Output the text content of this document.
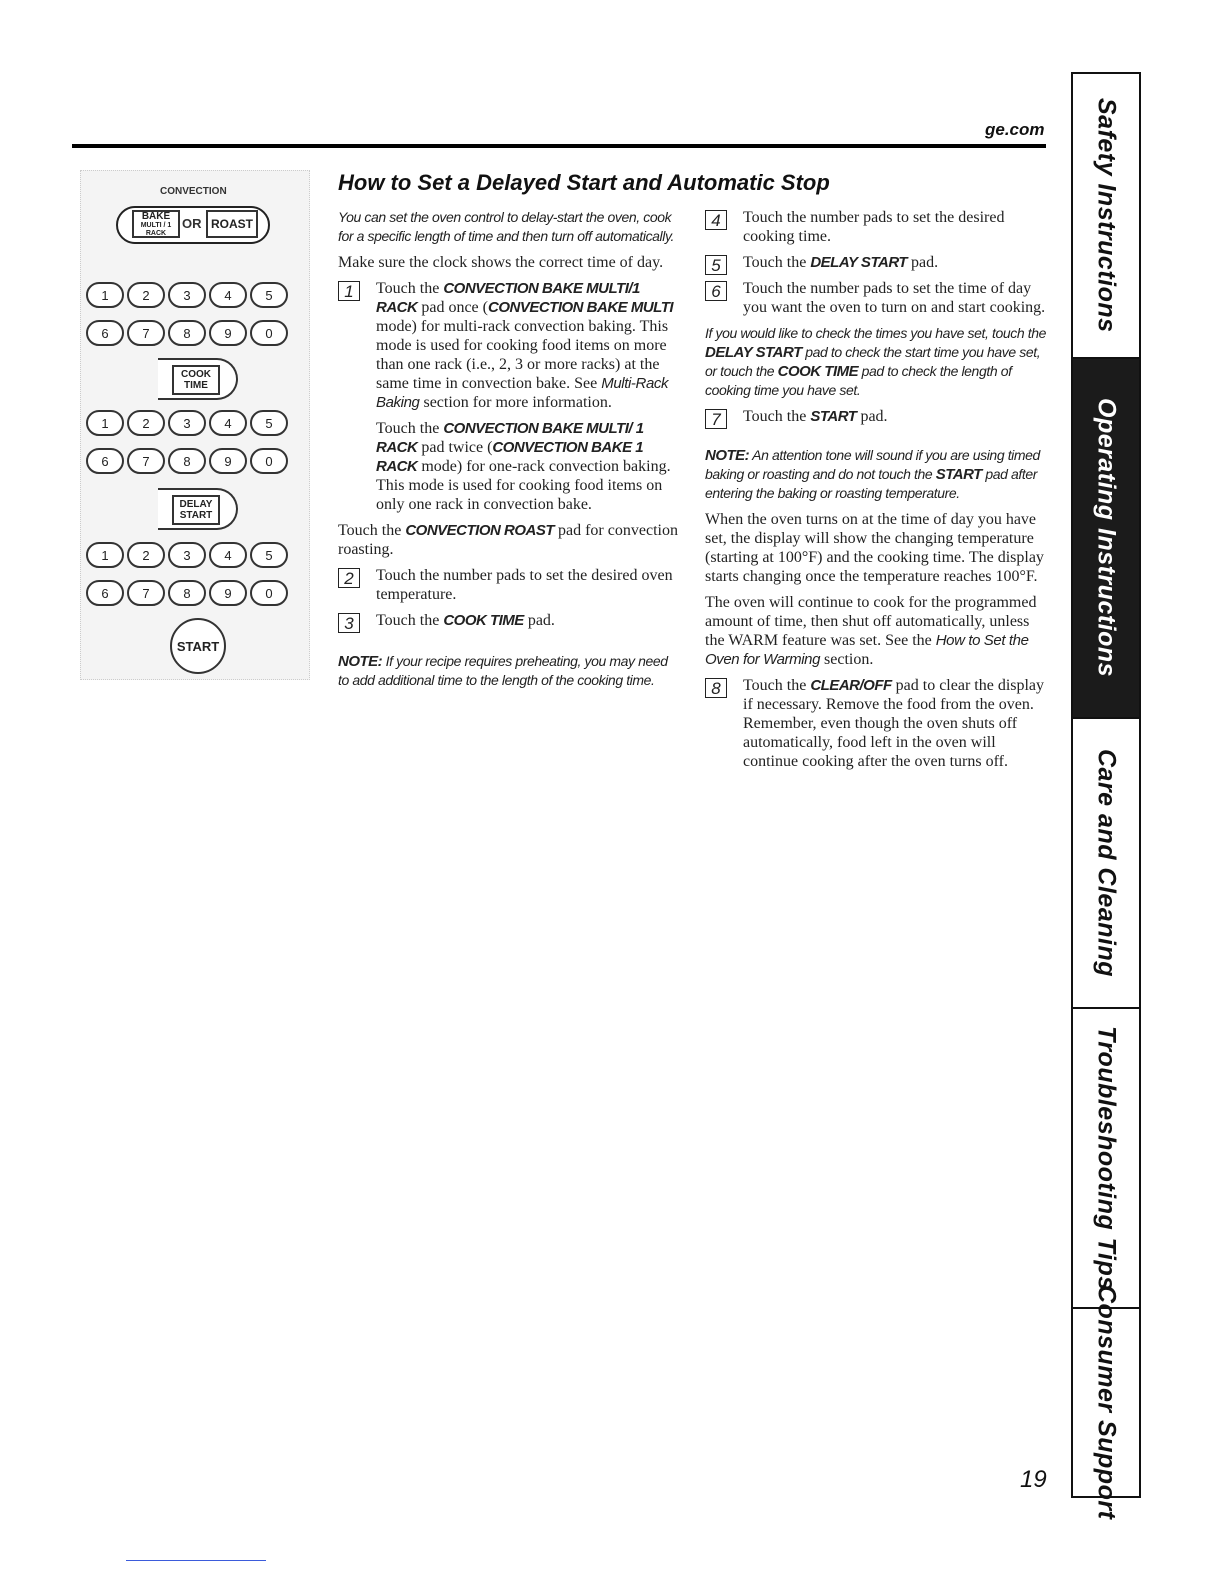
ge.com Safety Instructions
Operating Instructions
Care and Cleaning
Troubleshooting Tips
Consumer Support
CONVECTION
BAKE
MULTI / 1 RACK
OR ROAST
1	2	3	4	5
6	7	8	9	0
COOK
TIME
1	2	3	4	5
6	7	8	9	0
DELAY
START
1	2	3	4	5
6	7	8	9	0
START
How to Set a Delayed Start and Automatic Stop

You can set the oven control to delay-start the oven, cook for a specific length of time and then turn off automatically.

Make sure the clock shows the correct time of day.

1	Touch the CONVECTION BAKE MULTI/1 RACK pad once (CONVECTION BAKE MULTI mode) for multi-rack convection baking. This mode is used for cooking food items on more than one rack (i.e., 2, 3 or more racks) at the same time in convection bake. See Multi-Rack Baking section for more information.
Touch the CONVECTION BAKE MULTI/ 1 RACK pad twice (CONVECTION BAKE 1 RACK mode) for one-rack convection baking. This mode is used for cooking food items on only one rack in convection bake.

Touch the CONVECTION ROAST pad for convection roasting.

2	Touch the number pads to set the desired oven temperature.
3	Touch the COOK TIME pad.

NOTE: If your recipe requires preheating, you may need to add additional time to the length of the cooking time.

4	Touch the number pads to set the desired cooking time.
5	Touch the DELAY START pad.
6	Touch the number pads to set the time of day you want the oven to turn on and start cooking.

If you would like to check the times you have set, touch the DELAY START pad to check the start time you have set, or touch the COOK TIME pad to check the length of cooking time you have set.

7	Touch the START pad.

NOTE: An attention tone will sound if you are using timed baking or roasting and do not touch the START pad after entering the baking or roasting temperature.

When the oven turns on at the time of day you have set, the display will show the changing temperature (starting at 100°F) and the cooking time. The display starts changing once the temperature reaches 100°F.

The oven will continue to cook for the programmed amount of time, then shut off automatically, unless the WARM feature was set. See the How to Set the Oven for Warming section.

8	Touch the CLEAR/OFF pad to clear the display if necessary. Remove the food from the oven. Remember, even though the oven shuts off automatically, food left in the oven will continue cooking after the oven turns off.
19
